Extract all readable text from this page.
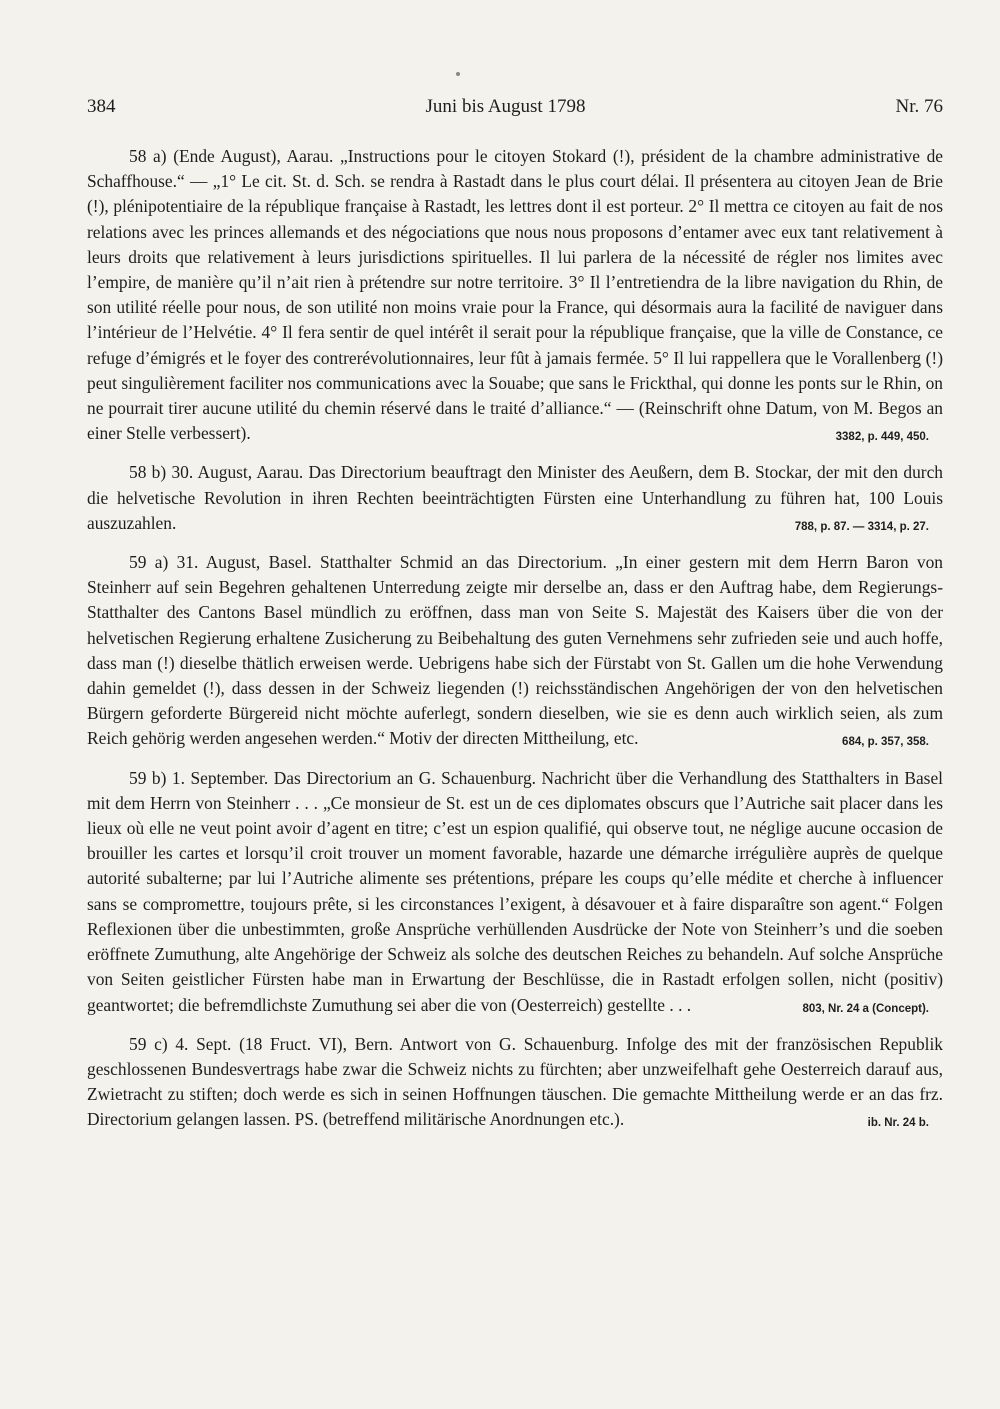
384	Juni bis August 1798	Nr. 76

58 a) (Ende August), Aarau. „Instructions pour le citoyen Stokard (!), président de la chambre administrative de Schaffhouse.“ — „1° Le cit. St. d. Sch. se rendra à Rastadt dans le plus court délai. Il présentera au citoyen Jean de Brie (!), plénipotentiaire de la république française à Rastadt, les lettres dont il est porteur. 2° Il mettra ce citoyen au fait de nos relations avec les princes allemands et des négociations que nous nous proposons d’entamer avec eux tant relativement à leurs droits que relativement à leurs jurisdictions spirituelles. Il lui parlera de la nécessité de régler nos limites avec l’empire, de manière qu’il n’ait rien à prétendre sur notre territoire. 3° Il l’entretiendra de la libre navigation du Rhin, de son utilité réelle pour nous, de son utilité non moins vraie pour la France, qui désormais aura la facilité de naviguer dans l’intérieur de l’Helvétie. 4° Il fera sentir de quel intérêt il serait pour la république française, que la ville de Constance, ce refuge d’émigrés et le foyer des contrerévolutionnaires, leur fût à jamais fermée. 5° Il lui rappellera que le Vorallenberg (!) peut singulièrement faciliter nos communications avec la Souabe; que sans le Frickthal, qui donne les ponts sur le Rhin, on ne pourrait tirer aucune utilité du chemin réservé dans le traité d’alliance.“ — (Reinschrift ohne Datum, von M. Begos an einer Stelle verbessert).	3382, p. 449, 450.

58 b) 30. August, Aarau. Das Directorium beauftragt den Minister des Aeußern, dem B. Stockar, der mit den durch die helvetische Revolution in ihren Rechten beeinträchtigten Fürsten eine Unterhandlung zu führen hat, 100 Louis auszuzahlen.	788, p. 87. — 3314, p. 27.

59 a) 31. August, Basel. Statthalter Schmid an das Directorium. „In einer gestern mit dem Herrn Baron von Steinherr auf sein Begehren gehaltenen Unterredung zeigte mir derselbe an, dass er den Auftrag habe, dem Regierungs-Statthalter des Cantons Basel mündlich zu eröffnen, dass man von Seite S. Majestät des Kaisers über die von der helvetischen Regierung erhaltene Zusicherung zu Beibehaltung des guten Vernehmens sehr zufrieden seie und auch hoffe, dass man (!) dieselbe thätlich erweisen werde. Uebrigens habe sich der Fürstabt von St. Gallen um die hohe Verwendung dahin gemeldet (!), dass dessen in der Schweiz liegenden (!) reichsständischen Angehörigen der von den helvetischen Bürgern geforderte Bürgereid nicht möchte auferlegt, sondern dieselben, wie sie es denn auch wirklich seien, als zum Reich gehörig werden angesehen werden.“ Motiv der directen Mittheilung, etc.	684, p. 357, 358.

59 b) 1. September. Das Directorium an G. Schauenburg. Nachricht über die Verhandlung des Statthalters in Basel mit dem Herrn von Steinherr . . . „Ce monsieur de St. est un de ces diplomates obscurs que l’Autriche sait placer dans les lieux où elle ne veut point avoir d’agent en titre; c’est un espion qualifié, qui observe tout, ne néglige aucune occasion de brouiller les cartes et lorsqu’il croit trouver un moment favorable, hazarde une démarche irrégulière auprès de quelque autorité subalterne; par lui l’Autriche alimente ses prétentions, prépare les coups qu’elle médite et cherche à influencer sans se compromettre, toujours prête, si les circonstances l’exigent, à désavouer et à faire disparaître son agent.“ Folgen Reflexionen über die unbestimmten, große Ansprüche verhüllenden Ausdrücke der Note von Steinherr’s und die soeben eröffnete Zumuthung, alte Angehörige der Schweiz als solche des deutschen Reiches zu behandeln. Auf solche Ansprüche von Seiten geistlicher Fürsten habe man in Erwartung der Beschlüsse, die in Rastadt erfolgen sollen, nicht (positiv) geantwortet; die befremdlichste Zumuthung sei aber die von (Oesterreich) gestellte . . .	803, Nr. 24 a (Concept).

59 c) 4. Sept. (18 Fruct. VI), Bern. Antwort von G. Schauenburg. Infolge des mit der französischen Republik geschlossenen Bundesvertrags habe zwar die Schweiz nichts zu fürchten; aber unzweifelhaft gehe Oesterreich darauf aus, Zwietracht zu stiften; doch werde es sich in seinen Hoffnungen täuschen. Die gemachte Mittheilung werde er an das frz. Directorium gelangen lassen. PS. (betreffend militärische Anordnungen etc.).	ib. Nr. 24 b.
